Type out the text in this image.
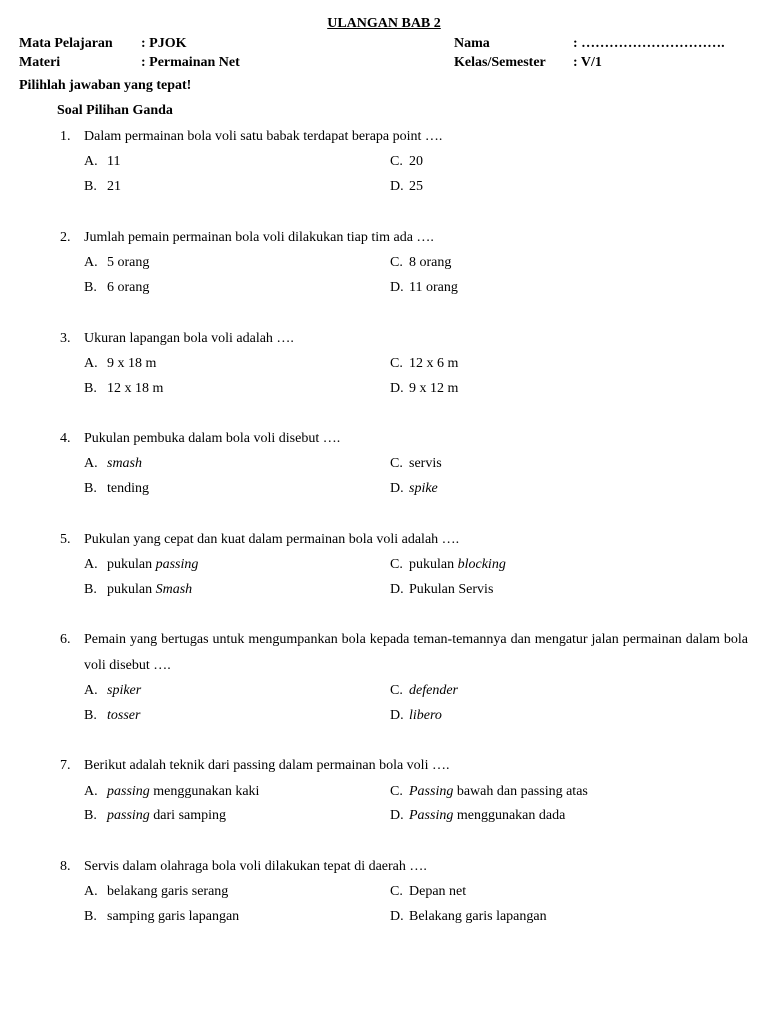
ULANGAN BAB 2
Mata Pelajaran : PJOK	Nama	: ………………………….
Materi	: Permainan Net	Kelas/Semester : V/1
Pilihlah jawaban yang tepat!
Soal Pilihan Ganda
1. Dalam permainan bola voli satu babak terdapat berapa point ….
A. 11
B. 21
C. 20
D. 25
2. Jumlah pemain permainan bola voli dilakukan tiap tim ada ….
A. 5 orang
B. 6 orang
C. 8 orang
D. 11 orang
3. Ukuran lapangan bola voli adalah ….
A. 9 x 18 m
B. 12 x 18 m
C. 12 x 6 m
D. 9 x 12 m
4. Pukulan pembuka dalam bola voli disebut ….
A. smash
B. tending
C. servis
D. spike
5. Pukulan yang cepat dan kuat dalam permainan bola voli adalah ….
A. pukulan passing
B. pukulan Smash
C. pukulan blocking
D. Pukulan Servis
6. Pemain yang bertugas untuk mengumpankan bola kepada teman-temannya dan mengatur jalan permainan dalam bola voli disebut ….
A. spiker
B. tosser
C. defender
D. libero
7. Berikut adalah teknik dari passing dalam permainan bola voli ….
A. passing menggunakan kaki
B. passing dari samping
C. Passing bawah dan passing atas
D. Passing menggunakan dada
8. Servis dalam olahraga bola voli dilakukan tepat di daerah ….
A. belakang garis serang
B. samping garis lapangan
C. Depan net
D. Belakang garis lapangan
